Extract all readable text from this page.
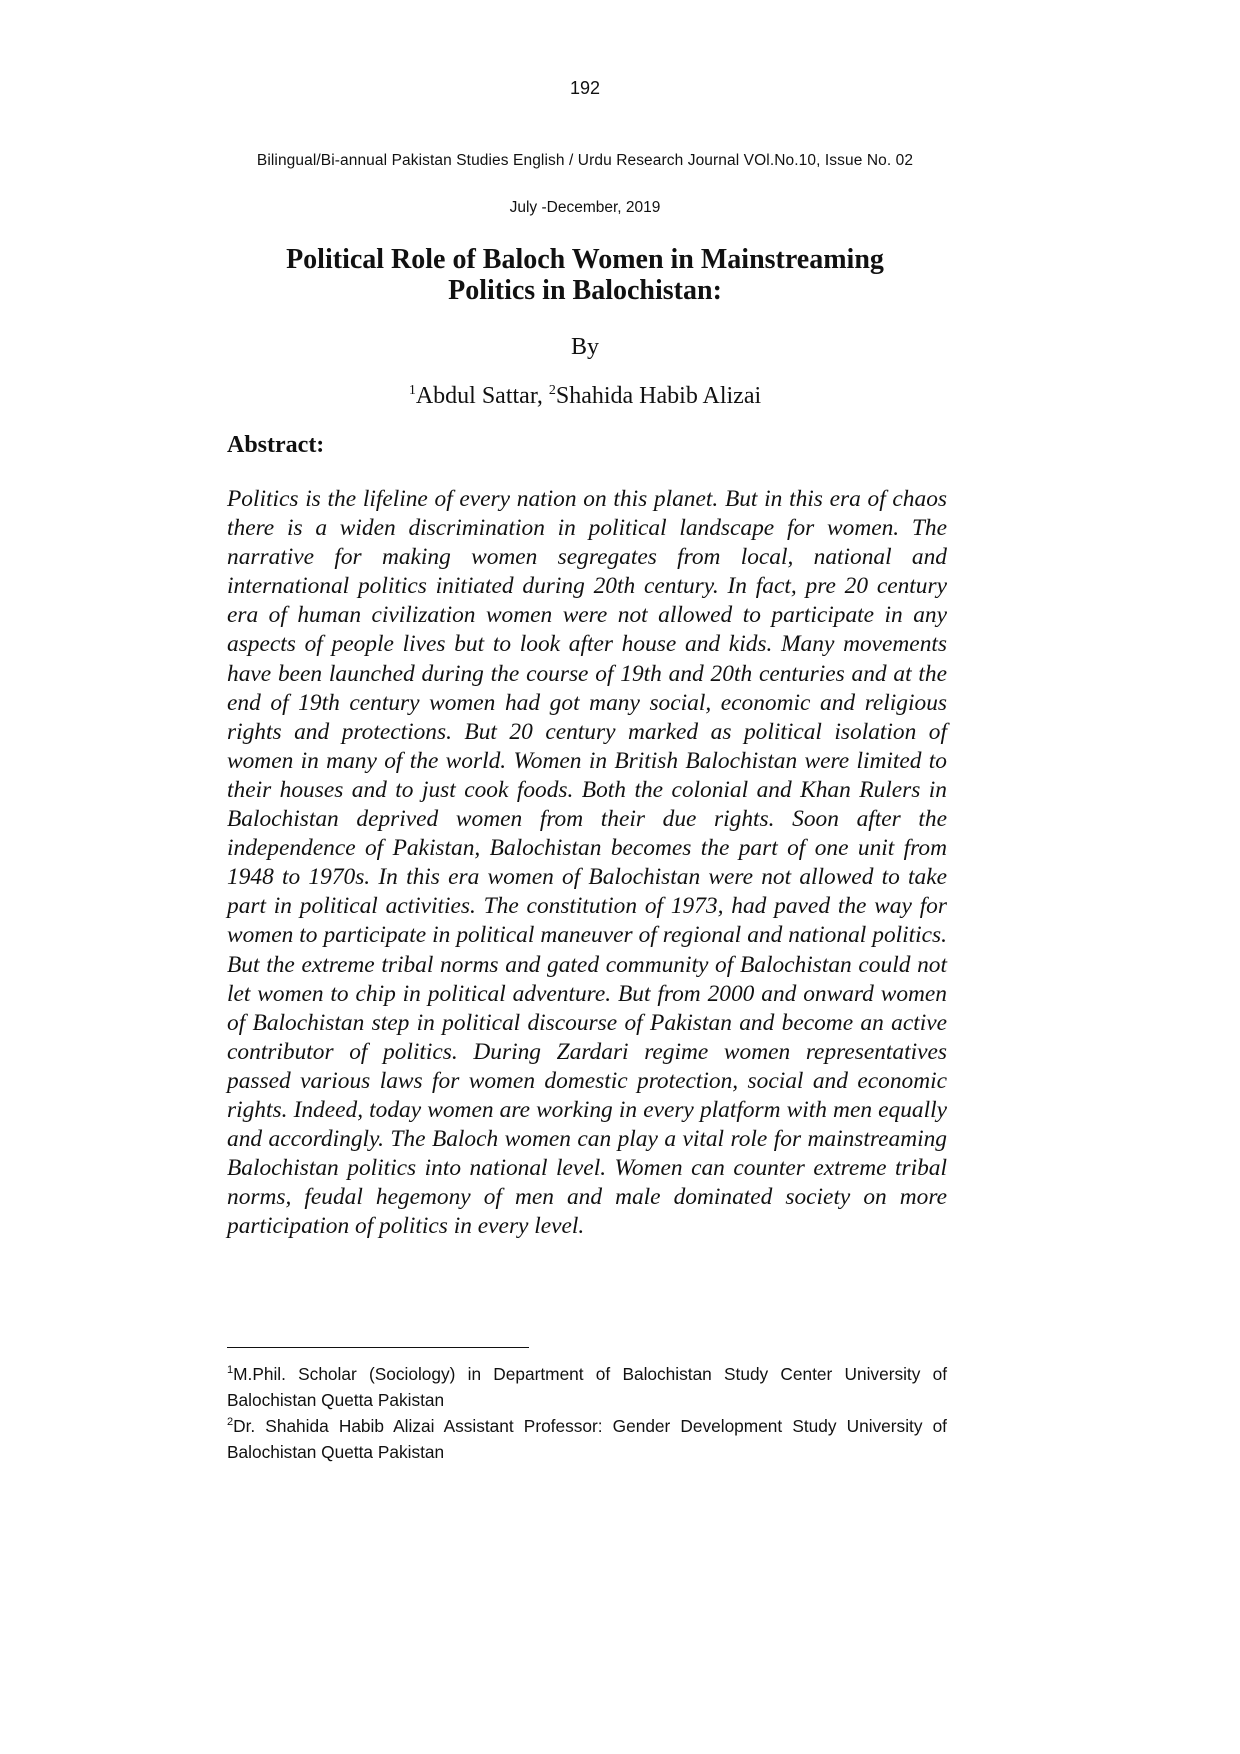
192
Bilingual/Bi-annual Pakistan Studies English / Urdu Research Journal VOl.No.10, Issue No. 02
July -December, 2019
Political Role of Baloch Women in Mainstreaming
Politics in Balochistan:
By
$^1$Abdul Sattar, $^2$Shahida Habib Alizai
Abstract:

Politics is the lifeline of every nation on this planet. But in this era of chaos there is a widen discrimination in political landscape for women. The narrative for making women segregates from local, national and international politics initiated during 20th century. In fact, pre 20 century era of human civilization women were not allowed to participate in any aspects of people lives but to look after house and kids. Many movements have been launched during the course of 19th and 20th centuries and at the end of 19th century women had got many social, economic and religious rights and protections. But 20 century marked as political isolation of women in many of the world. Women in British Balochistan were limited to their houses and to just cook foods. Both the colonial and Khan Rulers in Balochistan deprived women from their due rights. Soon after the independence of Pakistan, Balochistan becomes the part of one unit from 1948 to 1970s. In this era women of Balochistan were not allowed to take part in political activities. The constitution of 1973, had paved the way for women to participate in political maneuver of regional and national politics. But the extreme tribal norms and gated community of Balochistan could not let women to chip in political adventure. But from 2000 and onward women of Balochistan step in political discourse of Pakistan and become an active contributor of politics. During Zardari regime women representatives passed various laws for women domestic protection, social and economic rights. Indeed, today women are working in every platform with men equally and accordingly. The Baloch women can play a vital role for mainstreaming Balochistan politics into national level. Women can counter extreme tribal norms, feudal hegemony of men and male dominated society on more participation of politics in every level.

$^1$M.Phil. Scholar (Sociology) in Department of Balochistan Study Center University of Balochistan Quetta Pakistan

$^2$Dr. Shahida Habib Alizai Assistant Professor: Gender Development Study University of Balochistan Quetta Pakistan
